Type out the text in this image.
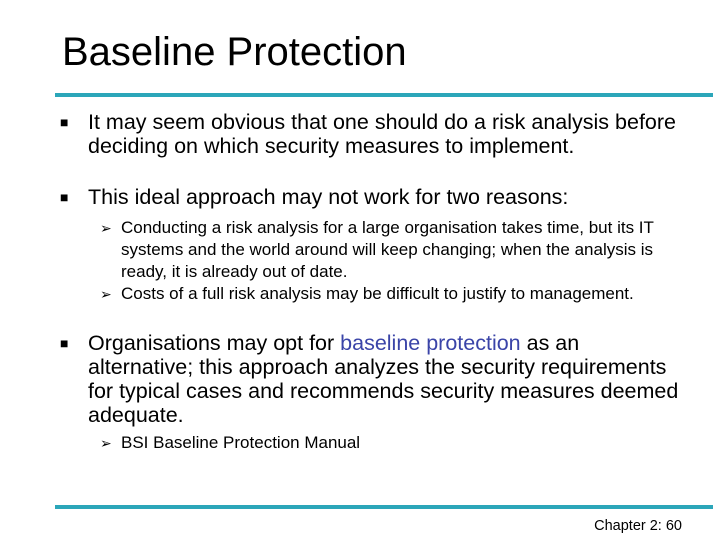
Baseline Protection
■ It may seem obvious that one should do a risk analysis before deciding on which security measures to implement.
■ This ideal approach may not work for two reasons:
➢ Conducting a risk analysis for a large organisation takes time, but its IT systems and the world around will keep changing; when the analysis is ready, it is already out of date.
➢ Costs of a full risk analysis may be difficult to justify to management.
■ Organisations may opt for baseline protection as an alternative; this approach analyzes the security requirements for typical cases and recommends security measures deemed adequate.
➢ BSI Baseline Protection Manual
Chapter 2: 60
